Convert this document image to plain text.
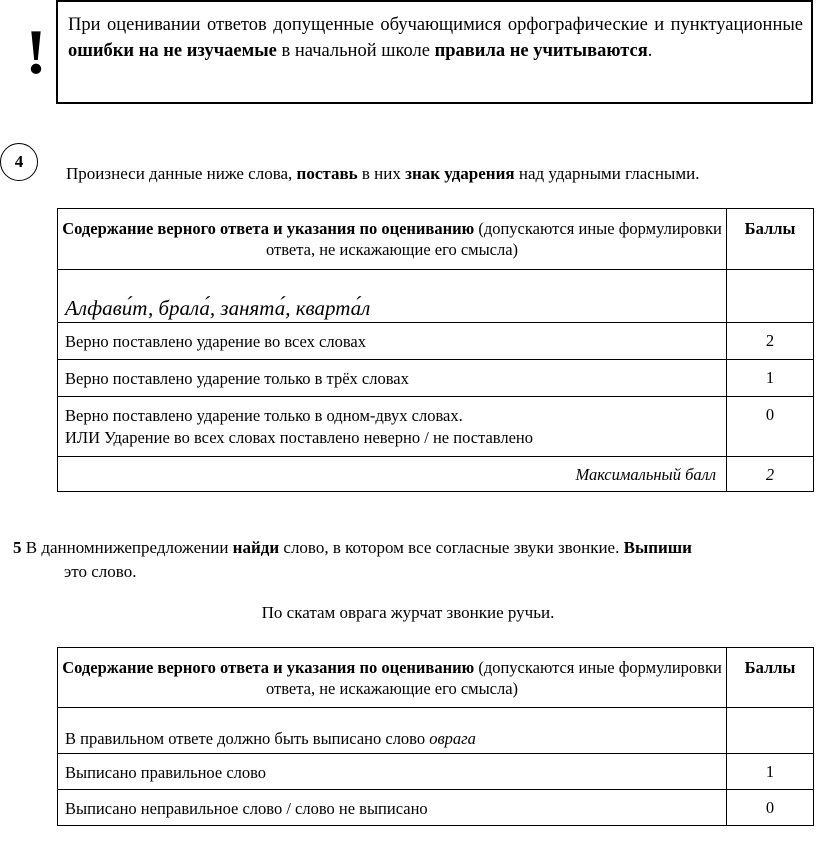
!	При оценивании ответов допущенные обучающимися орфографические и пунктуационные ошибки на не изучаемые в начальной школе правила не учитываются.
4
Произнеси данные ниже слова, поставь в них знак ударения над ударными гласными.
Содержание верного ответа и указания по оцениванию (допускаются иные формулировки ответа, не искажающие его смысла)	Баллы
Алфави́т, брала́, занята́, кварта́л	
Верно поставлено ударение во всех словах	2
Верно поставлено ударение только в трёх словах	1
Верно поставлено ударение только в одном-двух словах.
ИЛИ Ударение во всех словах поставлено неверно / не поставлено	0
Максимальный балл	2
5 В данномнижепредложении найди слово, в котором все согласные звуки звонкие. Выпиши
это слово.
По скатам оврага журчат звонкие ручьи.
Содержание верного ответа и указания по оцениванию (допускаются иные формулировки ответа, не искажающие его смысла)	Баллы
В правильном ответе должно быть выписано слово оврага	
Выписано правильное слово	1
Выписано неправильное слово / слово не выписано	0
